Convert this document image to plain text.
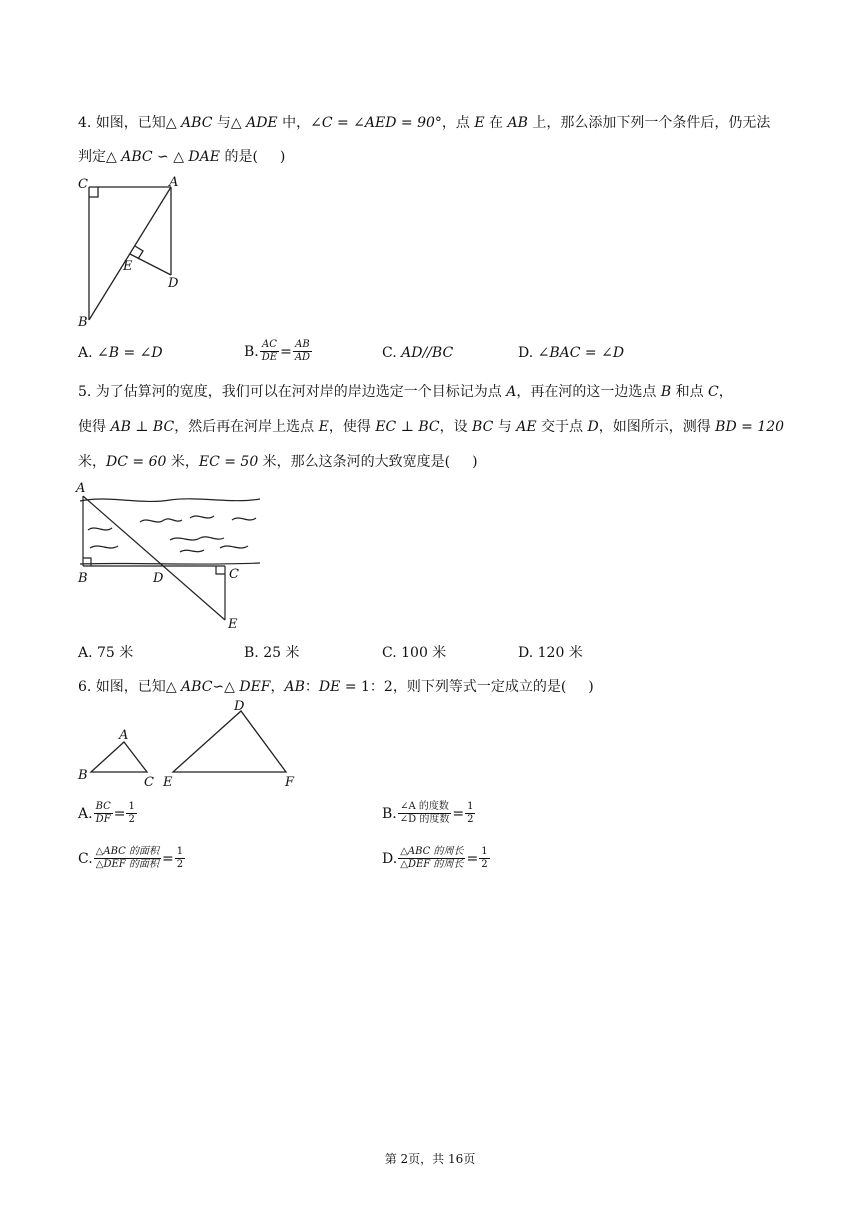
4. 如图，已知△ ABC 与△ ADE 中，∠C = ∠AED = 90°，点 E 在 AB 上，那么添加下列一个条件后，仍无法
判定△ ABC ∽ △ DAE 的是( )
C	A
E
D
B
A. ∠B = ∠D	B. $\frac{AC}{DE} = \frac{AB}{AD}$	C. AD//BC	D. ∠BAC = ∠D
5. 为了估算河的宽度，我们可以在河对岸的岸边选定一个目标记为点 A，再在河的这一边选点 B 和点 C，
使得 AB ⊥ BC，然后再在河岸上选点 E，使得 EC ⊥ BC，设 BC 与 AE 交于点 D，如图所示，测得 BD = 120
米，DC = 60 米，EC = 50 米，那么这条河的大致宽度是( )
A
B	D	C
E
A. 75 米	B. 25 米	C. 100 米	D. 120 米
6. 如图，已知△ ABC∽△ DEF，AB：DE = 1：2，则下列等式一定成立的是( )
A
B	C
D
E	F
A. $\frac{BC}{DF} = \frac{1}{2}$	B. $\frac{\text{∠A 的度数}}{\text{∠D 的度数}} = \frac{1}{2}$
C. $\frac{\text{△ABC 的面积}}{\text{△DEF 的面积}} = \frac{1}{2}$	D. $\frac{\text{△ABC 的周长}}{\text{△DEF 的周长}} = \frac{1}{2}$
第 2页，共 16页
